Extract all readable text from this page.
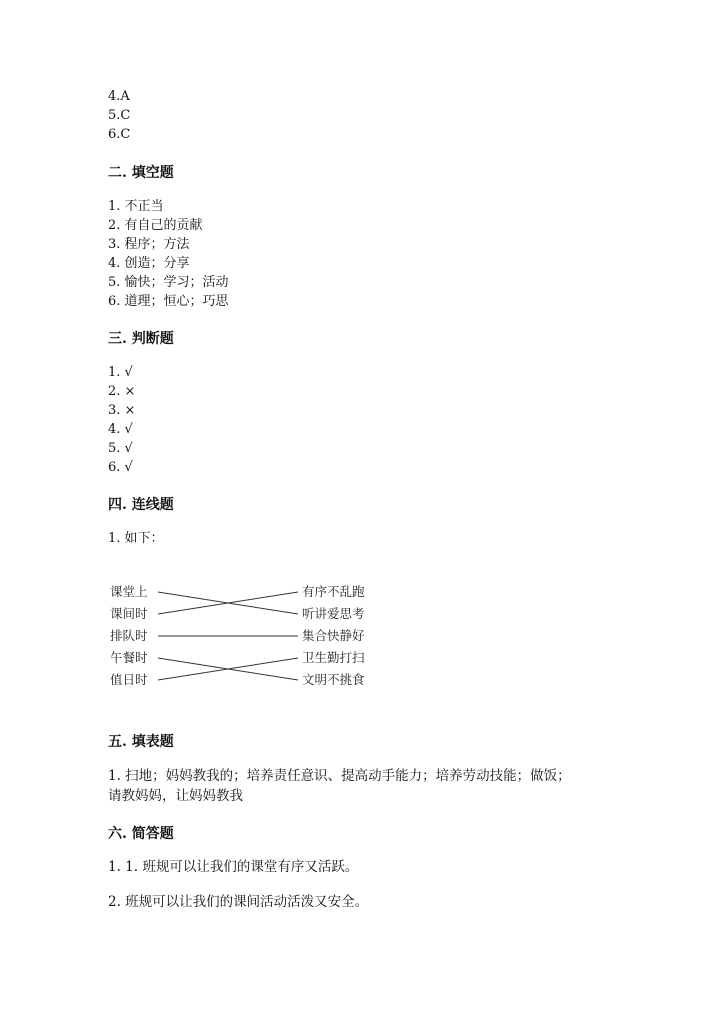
4.A
5.C
6.C
二. 填空题
1. 不正当
2. 有自己的贡献
3. 程序；方法
4. 创造；分享
5. 愉快；学习；活动
6. 道理；恒心；巧思
三. 判断题
1. √
2. ×
3. ×
4. √
5. √
6. √
四. 连线题
1. 如下：
课堂上
课间时
排队时
午餐时
值日时
有序不乱跑
听讲爱思考
集合快静好
卫生勤打扫
文明不挑食
五. 填表题
1. 扫地；妈妈教我的；培养责任意识、提高动手能力；培养劳动技能；做饭；
请教妈妈，让妈妈教我
六. 简答题
1. 1. 班规可以让我们的课堂有序又活跃。
2. 班规可以让我们的课间活动活泼又安全。
